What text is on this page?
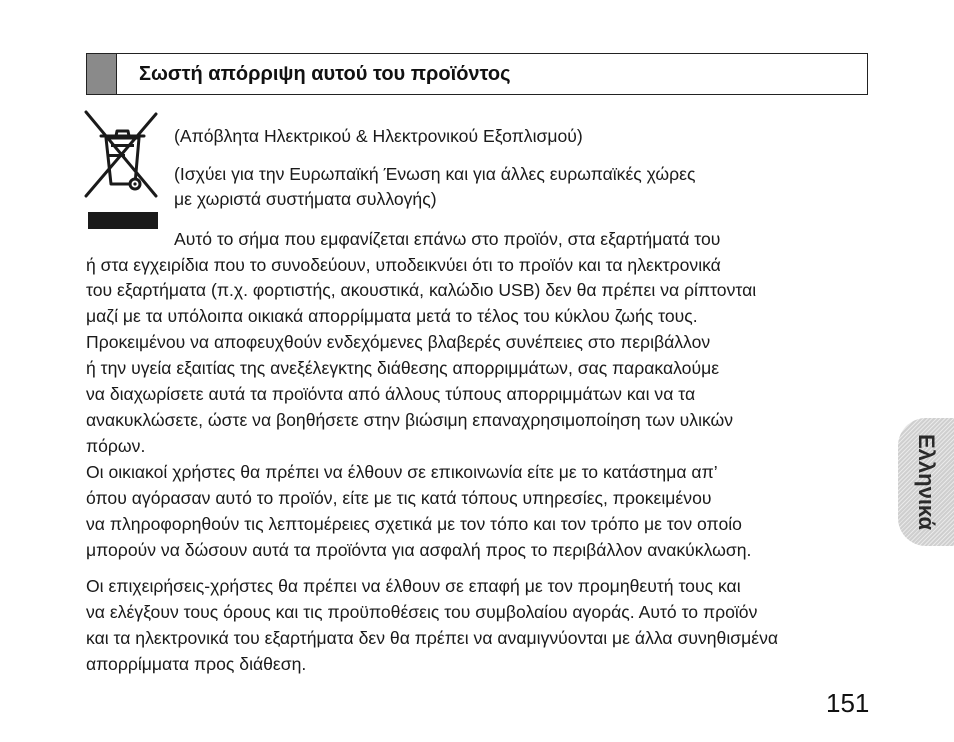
Σωστή απόρριψη αυτού του προϊόντος
(Απόβλητα Ηλεκτρικού & Ηλεκτρονικού Εξοπλισμού)
(Ισχύει για την Ευρωπαϊκή Ένωση και για άλλες ευρωπαϊκές χώρες
με χωριστά συστήματα συλλογής)
Αυτό το σήμα που εμφανίζεται επάνω στο προϊόν, στα εξαρτήματά του
ή στα εγχειρίδια που το συνοδεύουν, υποδεικνύει ότι το προϊόν και τα ηλεκτρονικά
του εξαρτήματα (π.χ. φορτιστής, ακουστικά, καλώδιο USB) δεν θα πρέπει να ρίπτονται
μαζί με τα υπόλοιπα οικιακά απορρίμματα μετά το τέλος του κύκλου ζωής τους.
Προκειμένου να αποφευχθούν ενδεχόμενες βλαβερές συνέπειες στο περιβάλλον
ή την υγεία εξαιτίας της ανεξέλεγκτης διάθεσης απορριμμάτων, σας παρακαλούμε
να διαχωρίσετε αυτά τα προϊόντα από άλλους τύπους απορριμμάτων και να τα
ανακυκλώσετε, ώστε να βοηθήσετε στην βιώσιμη επαναχρησιμοποίηση των υλικών
πόρων.
Οι οικιακοί χρήστες θα πρέπει να έλθουν σε επικοινωνία είτε με το κατάστημα απ’
όπου αγόρασαν αυτό το προϊόν, είτε με τις κατά τόπους υπηρεσίες, προκειμένου
να πληροφορηθούν τις λεπτομέρειες σχετικά με τον τόπο και τον τρόπο με τον οποίο
μπορούν να δώσουν αυτά τα προϊόντα για ασφαλή προς το περιβάλλον ανακύκλωση.
Οι επιχειρήσεις-χρήστες θα πρέπει να έλθουν σε επαφή με τον προμηθευτή τους και
να ελέγξουν τους όρους και τις προϋποθέσεις του συμβολαίου αγοράς. Αυτό το προϊόν
και τα ηλεκτρονικά του εξαρτήματα δεν θα πρέπει να αναμιγνύονται με άλλα συνηθισμένα
απορρίμματα προς διάθεση.
Ελληνικά
151
